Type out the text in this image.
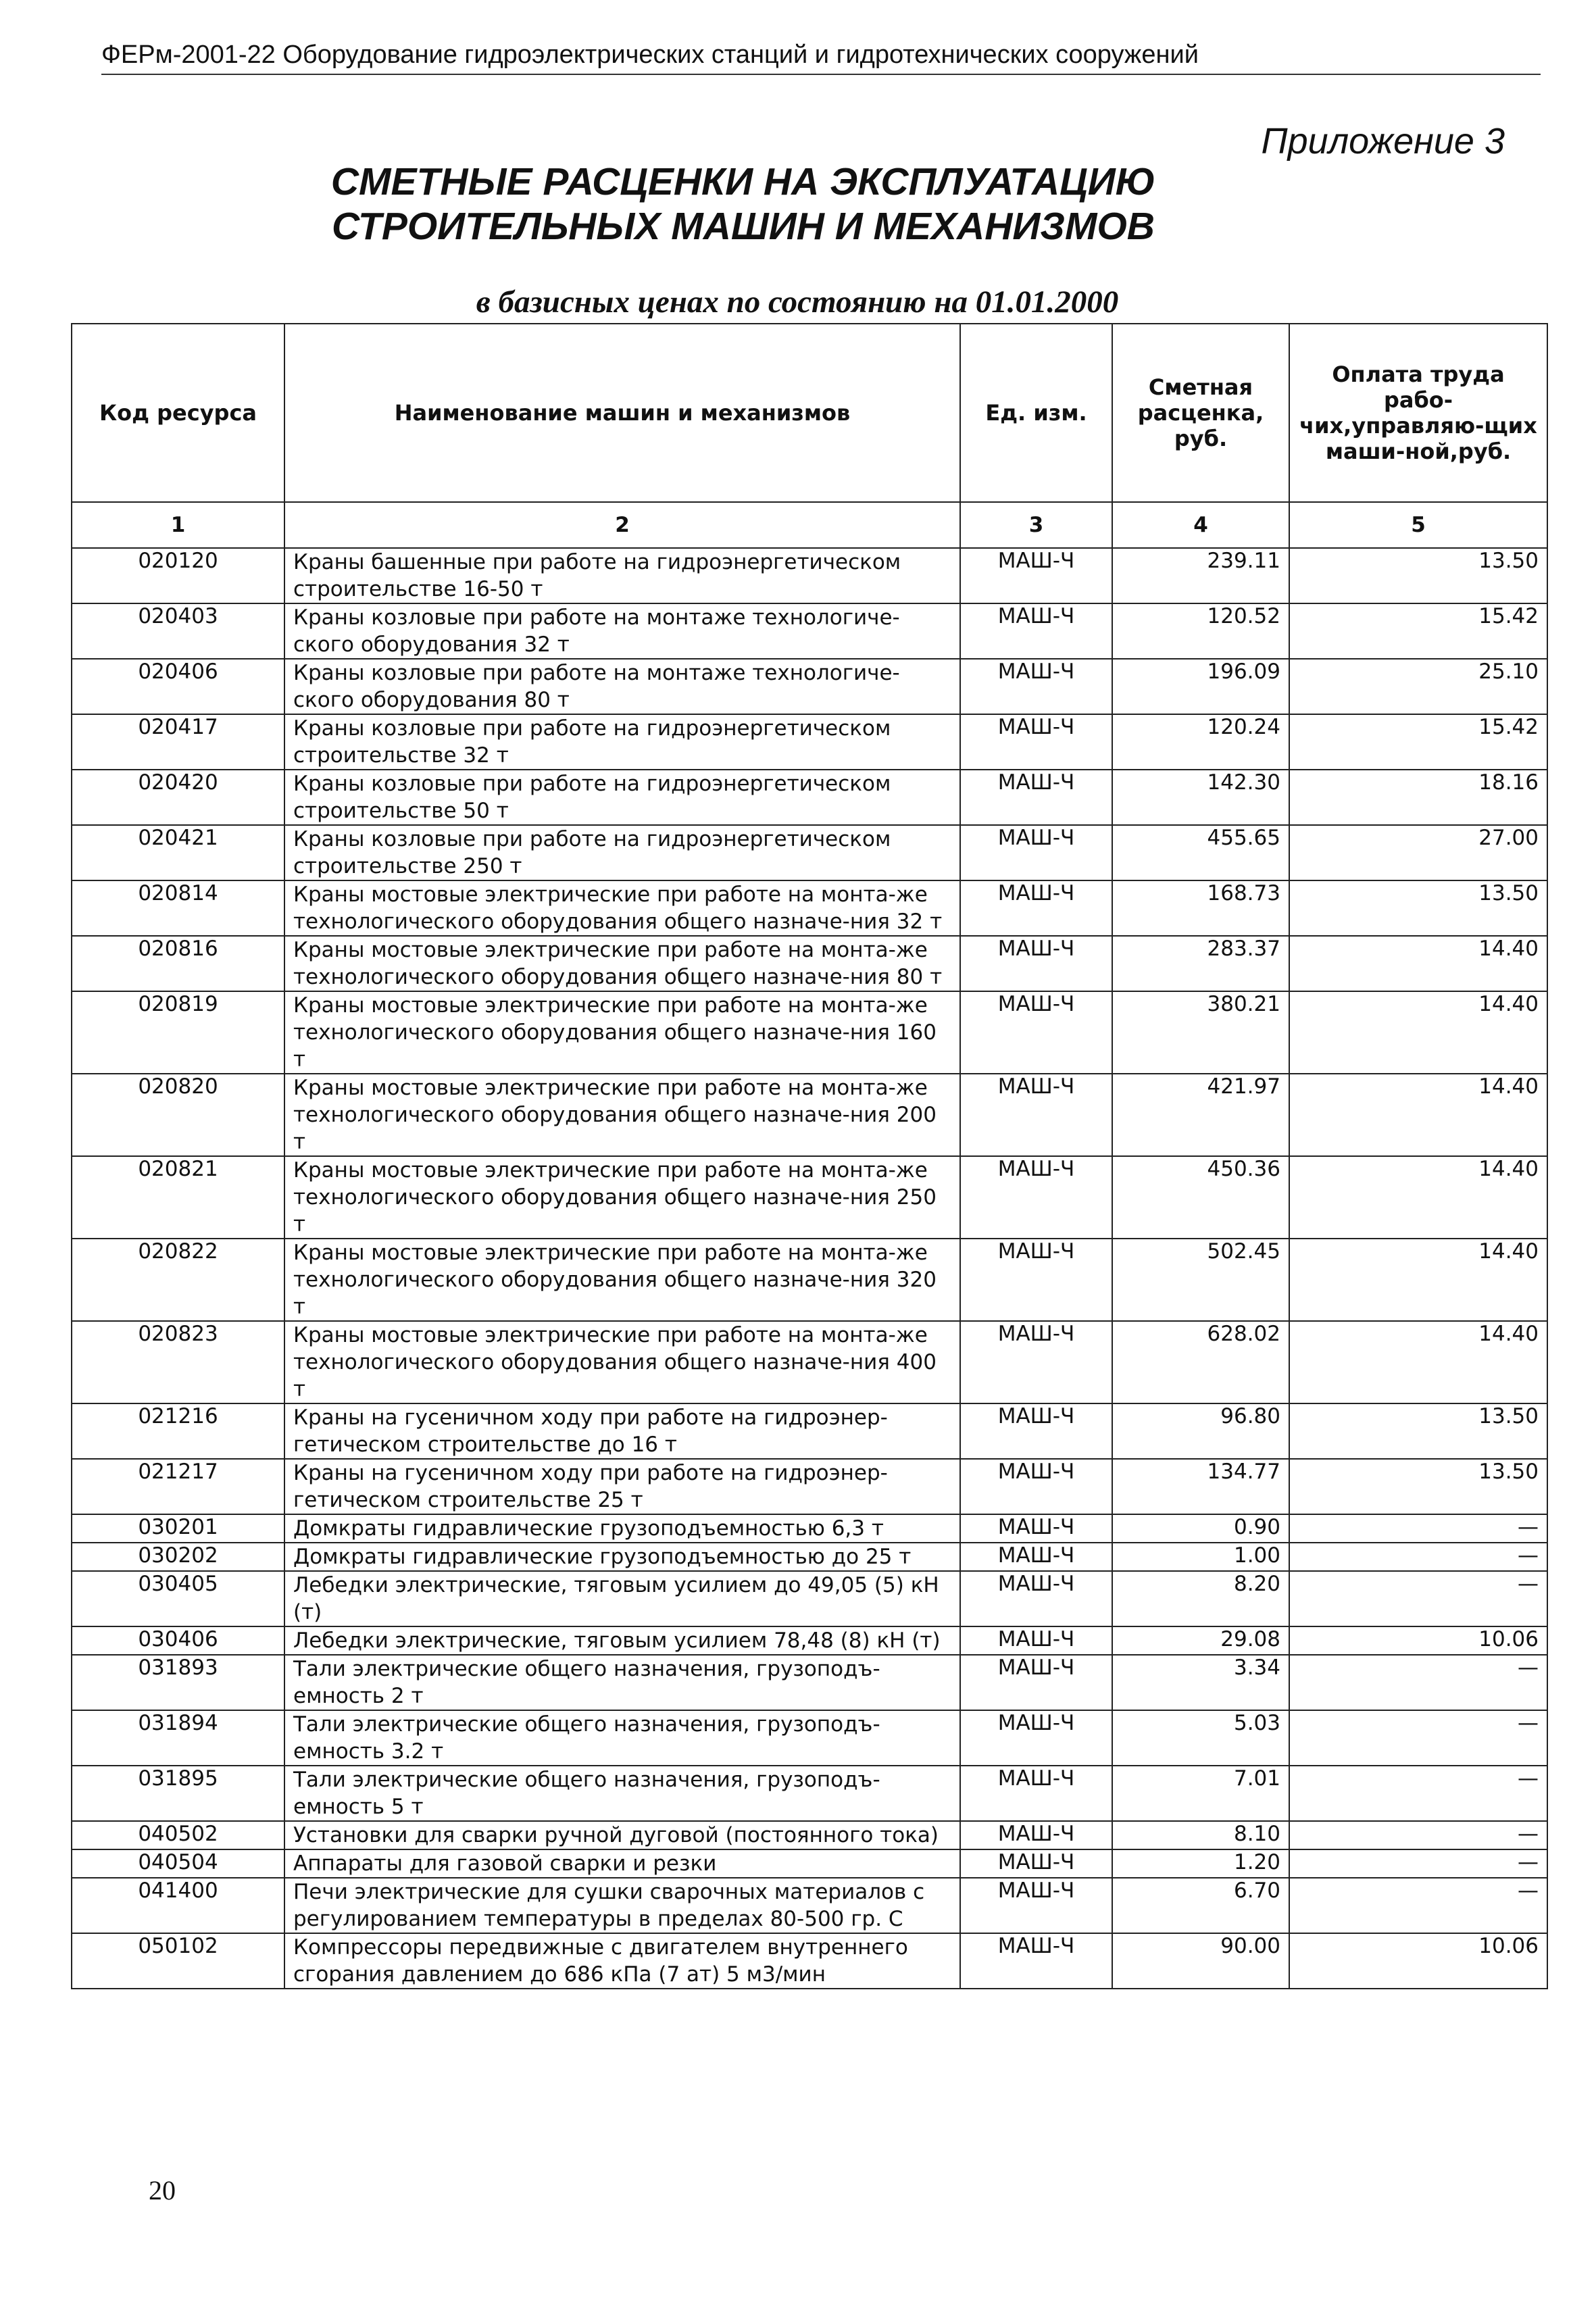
ФЕРм-2001-22 Оборудование гидроэлектрических станций и гидротехнических сооружений
Приложение 3
СМЕТНЫЕ РАСЦЕНКИ НА ЭКСПЛУАТАЦИЮ
СТРОИТЕЛЬНЫХ МАШИН И МЕХАНИЗМОВ
в базисных ценах по состоянию на 01.01.2000
Код ресурса	Наименование машин и механизмов	Ед. изм.	Сметная расценка, руб.	Оплата труда рабо-чих,управляю-щих маши-ной,руб.
1	2	3	4	5
020120	Краны башенные при работе на гидроэнергетическом строительстве 16-50 т	МАШ-Ч	239.11	13.50
020403	Краны козловые при работе на монтаже технологиче-ского оборудования 32 т	МАШ-Ч	120.52	15.42
020406	Краны козловые при работе на монтаже технологиче-ского оборудования 80 т	МАШ-Ч	196.09	25.10
020417	Краны козловые при работе на гидроэнергетическом строительстве 32 т	МАШ-Ч	120.24	15.42
020420	Краны козловые при работе на гидроэнергетическом строительстве 50 т	МАШ-Ч	142.30	18.16
020421	Краны козловые при работе на гидроэнергетическом строительстве 250 т	МАШ-Ч	455.65	27.00
020814	Краны мостовые электрические при работе на монта-же технологического оборудования общего назначе-ния 32 т	МАШ-Ч	168.73	13.50
020816	Краны мостовые электрические при работе на монта-же технологического оборудования общего назначе-ния 80 т	МАШ-Ч	283.37	14.40
020819	Краны мостовые электрические при работе на монта-же технологического оборудования общего назначе-ния 160 т	МАШ-Ч	380.21	14.40
020820	Краны мостовые электрические при работе на монта-же технологического оборудования общего назначе-ния 200 т	МАШ-Ч	421.97	14.40
020821	Краны мостовые электрические при работе на монта-же технологического оборудования общего назначе-ния 250 т	МАШ-Ч	450.36	14.40
020822	Краны мостовые электрические при работе на монта-же технологического оборудования общего назначе-ния 320 т	МАШ-Ч	502.45	14.40
020823	Краны мостовые электрические при работе на монта-же технологического оборудования общего назначе-ния 400 т	МАШ-Ч	628.02	14.40
021216	Краны на гусеничном ходу при работе на гидроэнер-гетическом строительстве до 16 т	МАШ-Ч	96.80	13.50
021217	Краны на гусеничном ходу при работе на гидроэнер-гетическом строительстве 25 т	МАШ-Ч	134.77	13.50
030201	Домкраты гидравлические грузоподъемностью 6,3 т	МАШ-Ч	0.90	—
030202	Домкраты гидравлические грузоподъемностью до 25 т	МАШ-Ч	1.00	—
030405	Лебедки электрические, тяговым усилием до 49,05 (5) кН (т)	МАШ-Ч	8.20	—
030406	Лебедки электрические, тяговым усилием 78,48 (8) кН (т)	МАШ-Ч	29.08	10.06
031893	Тали электрические общего назначения, грузоподъ-емность 2 т	МАШ-Ч	3.34	—
031894	Тали электрические общего назначения, грузоподъ-емность 3.2 т	МАШ-Ч	5.03	—
031895	Тали электрические общего назначения, грузоподъ-емность 5 т	МАШ-Ч	7.01	—
040502	Установки для сварки ручной дуговой (постоянного тока)	МАШ-Ч	8.10	—
040504	Аппараты для газовой сварки и резки	МАШ-Ч	1.20	—
041400	Печи электрические для сушки сварочных материалов с регулированием температуры в пределах 80-500 гр. С	МАШ-Ч	6.70	—
050102	Компрессоры передвижные с двигателем внутреннего сгорания давлением до 686 кПа (7 ат) 5 м3/мин	МАШ-Ч	90.00	10.06
20
